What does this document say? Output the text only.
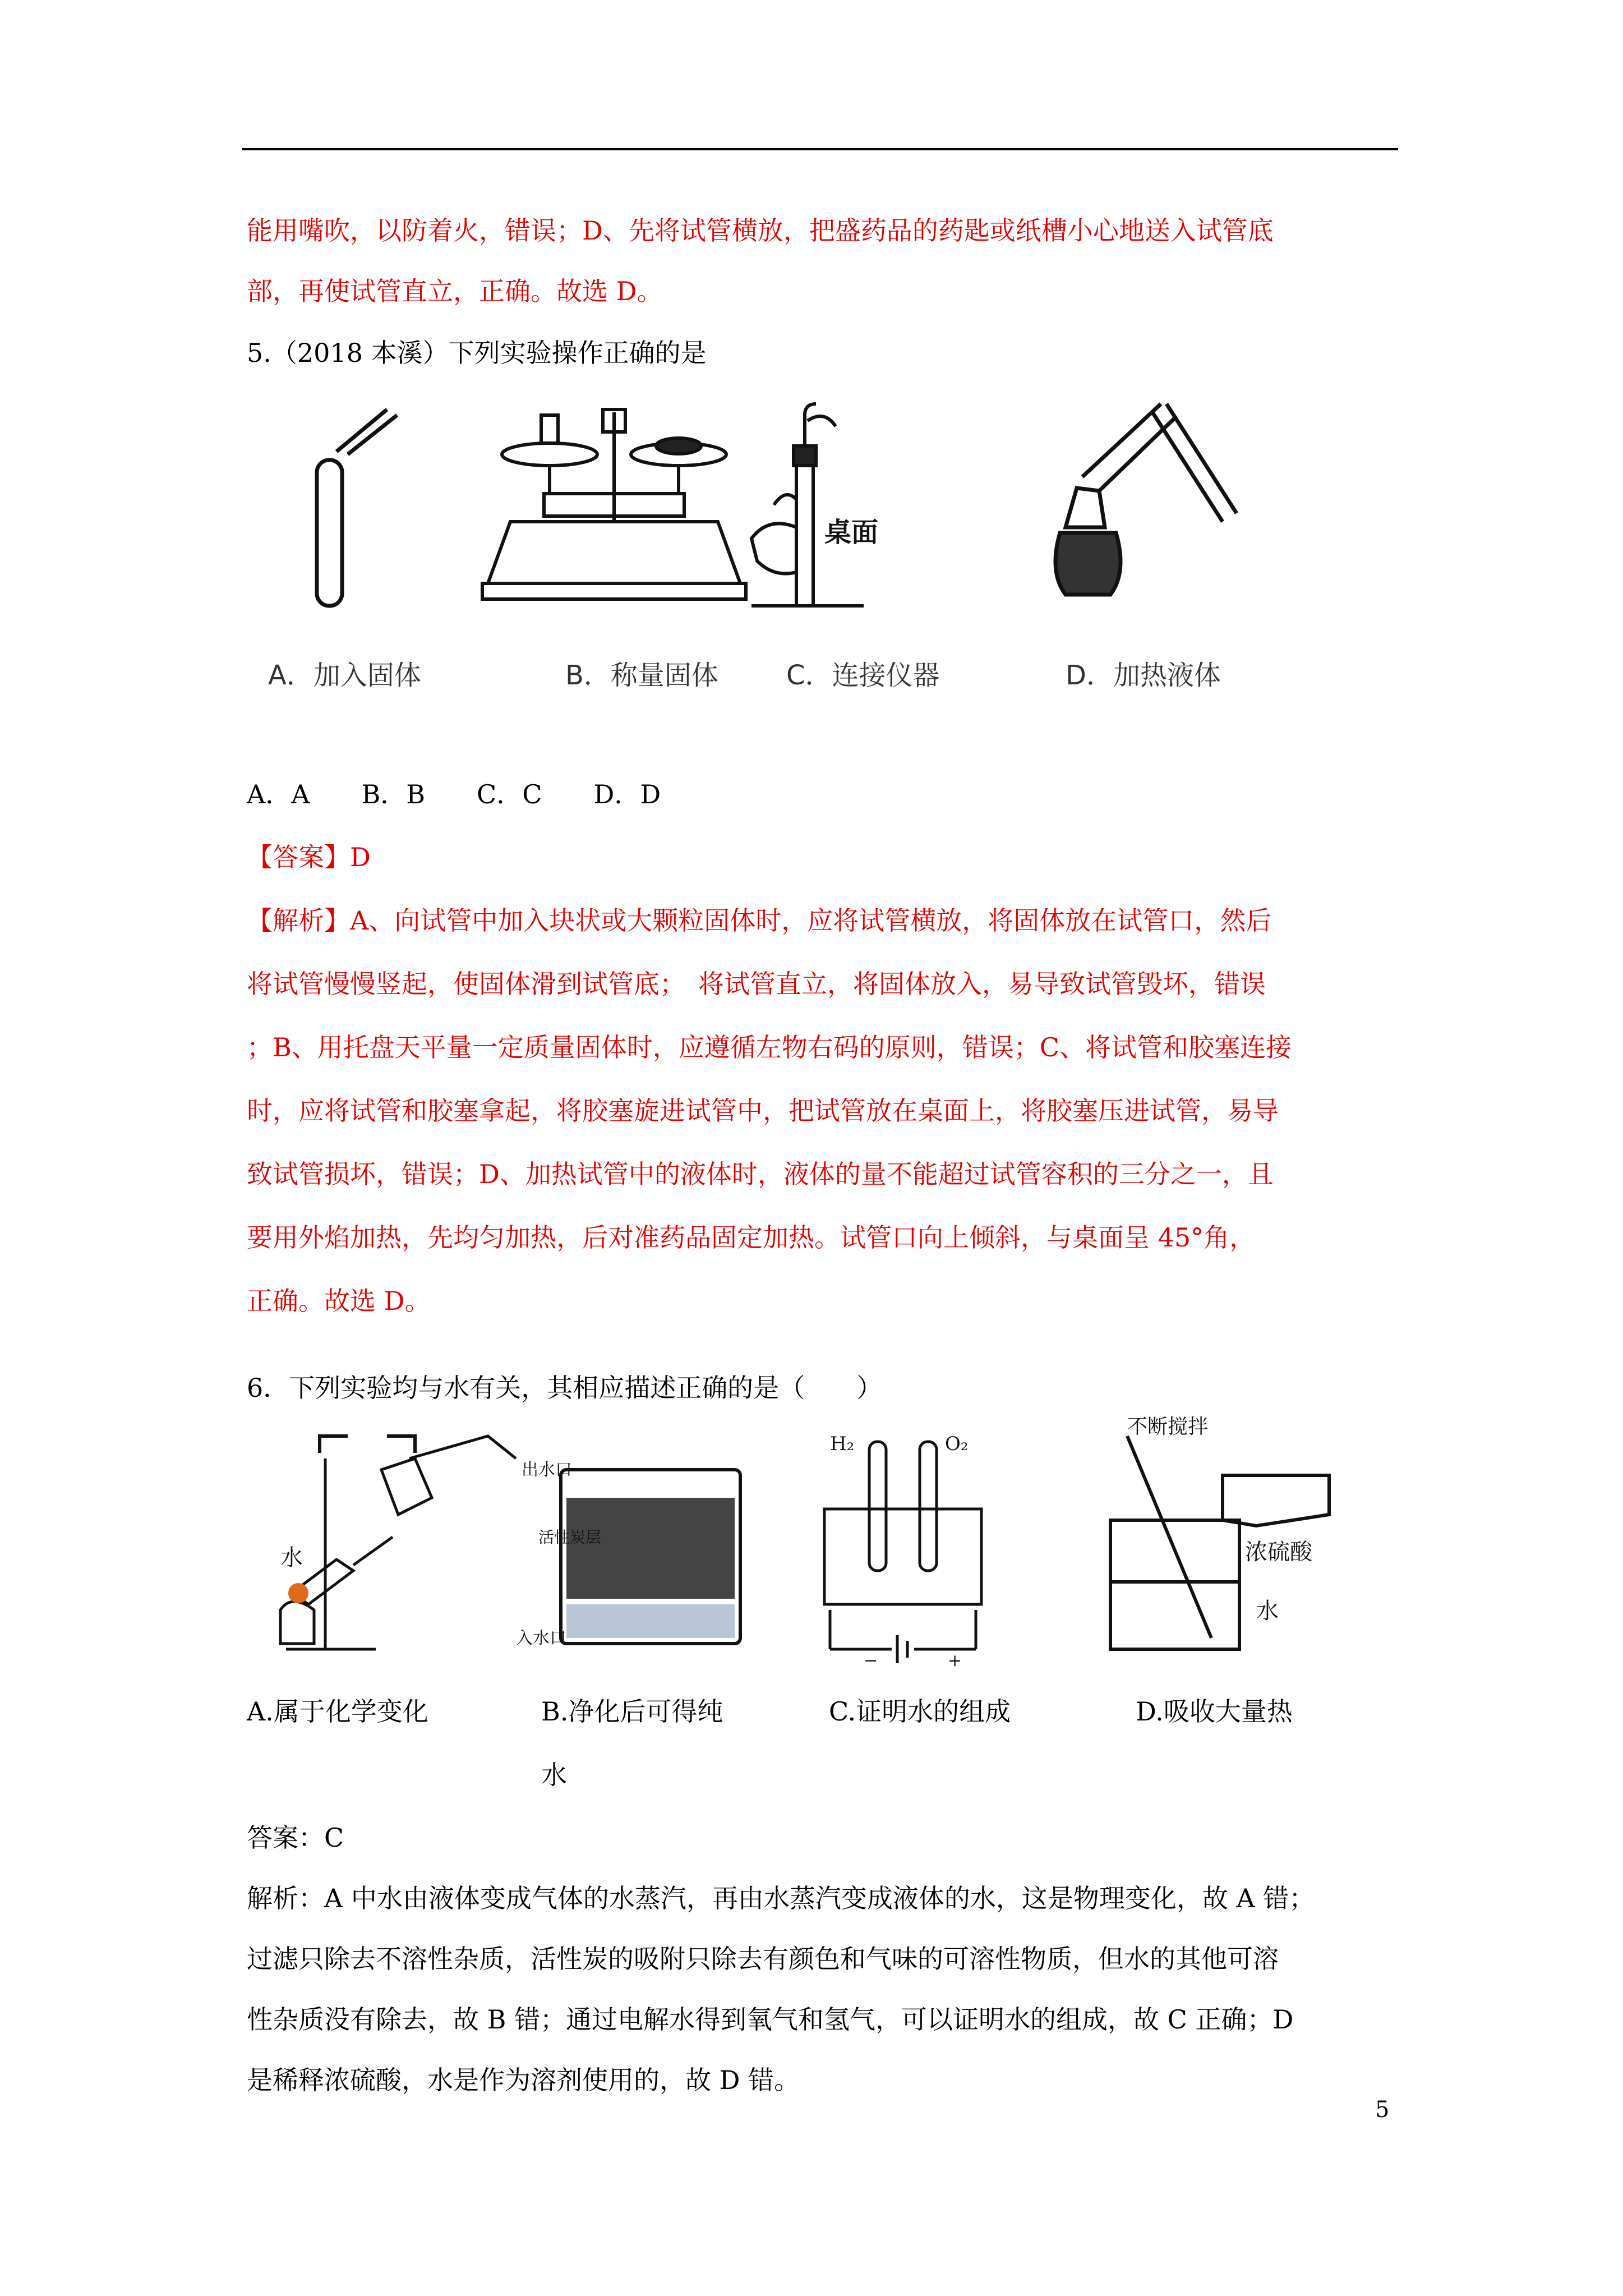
能用嘴吹，以防着火，错误；D、先将试管横放，把盛药品的药匙或纸槽小心地送入试管底
部，再使试管直立，正确。故选 D。
5.（2018 本溪）下列实验操作正确的是
桌面
A．加入固体	B．称量固体	C．连接仪器	D．加热液体
A．A　　B．B　　C．C　　D．D
【答案】D
【解析】A、向试管中加入块状或大颗粒固体时，应将试管横放，将固体放在试管口，然后
将试管慢慢竖起，使固体滑到试管底；　将试管直立，将固体放入，易导致试管毁坏，错误
；B、用托盘天平量一定质量固体时，应遵循左物右码的原则，错误；C、将试管和胶塞连接
时，应将试管和胶塞拿起，将胶塞旋进试管中，把试管放在桌面上，将胶塞压进试管，易导
致试管损坏，错误；D、加热试管中的液体时，液体的量不能超过试管容积的三分之一，且
要用外焰加热，先均匀加热，后对准药品固定加热。试管口向上倾斜，与桌面呈 45°角，
正确。故选 D。
6．下列实验均与水有关，其相应描述正确的是（　　）
水
出水口
入水口
活性炭层
H₂	O₂
−	+
不断搅拌
浓硫酸
水
A.属于化学变化	B.净化后可得纯
水
C.证明水的组成	D.吸收大量热
答案：C
解析：A 中水由液体变成气体的水蒸汽，再由水蒸汽变成液体的水，这是物理变化，故 A 错；
过滤只除去不溶性杂质，活性炭的吸附只除去有颜色和气味的可溶性物质，但水的其他可溶
性杂质没有除去，故 B 错；通过电解水得到氧气和氢气，可以证明水的组成，故 C 正确；D
是稀释浓硫酸，水是作为溶剂使用的，故 D 错。
5
